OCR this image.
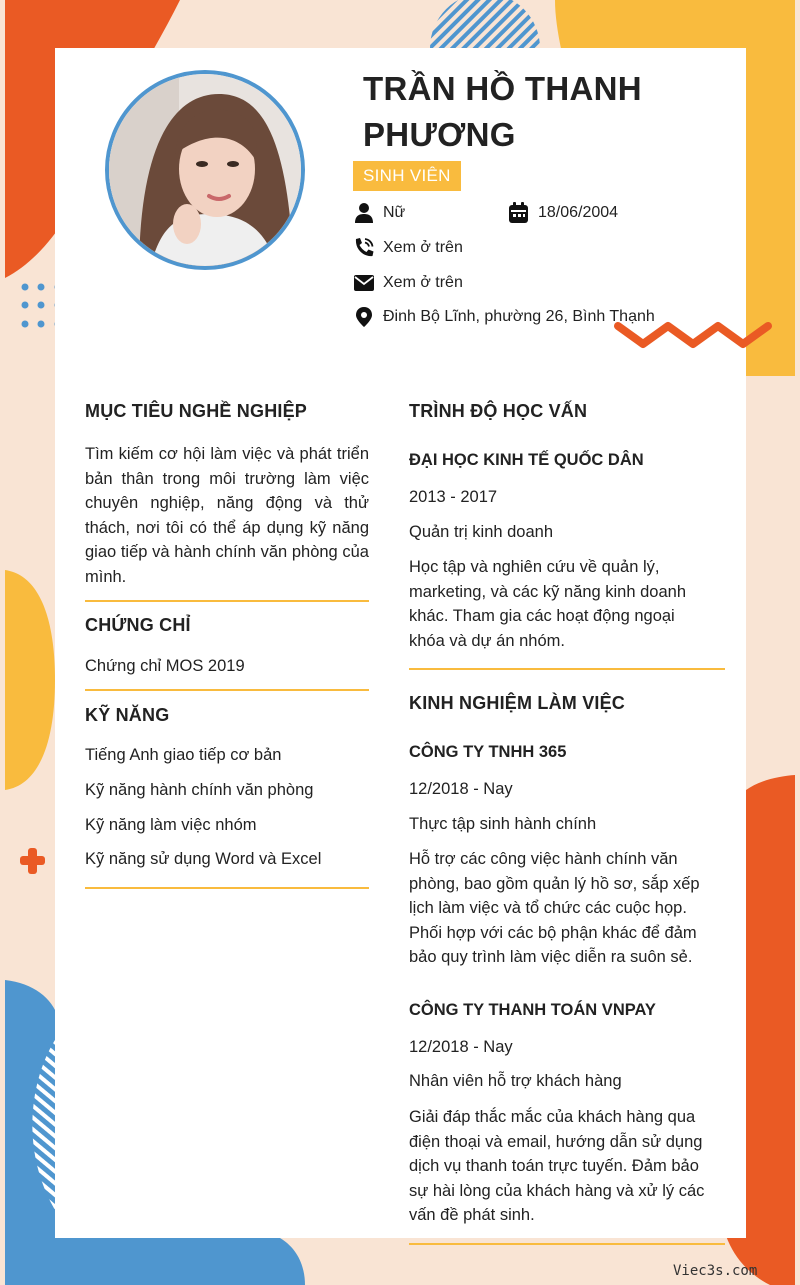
TRẦN HỒ THANH PHƯƠNG
SINH VIÊN
Nữ	18/06/2004
Xem ở trên
Xem ở trên
Đinh Bộ Lĩnh, phường 26, Bình Thạnh
MỤC TIÊU NGHỀ NGHIỆP
Tìm kiếm cơ hội làm việc và phát triển bản thân trong môi trường làm việc chuyên nghiệp, năng động và thử thách, nơi tôi có thể áp dụng kỹ năng giao tiếp và hành chính văn phòng của mình.
CHỨNG CHỈ
Chứng chỉ MOS 2019
KỸ NĂNG
Tiếng Anh giao tiếp cơ bản
Kỹ năng hành chính văn phòng
Kỹ năng làm việc nhóm
Kỹ năng sử dụng Word và Excel
TRÌNH ĐỘ HỌC VẤN
ĐẠI HỌC KINH TẾ QUỐC DÂN
2013 - 2017
Quản trị kinh doanh
Học tập và nghiên cứu về quản lý, marketing, và các kỹ năng kinh doanh khác. Tham gia các hoạt động ngoại khóa và dự án nhóm.
KINH NGHIỆM LÀM VIỆC
CÔNG TY TNHH 365
12/2018 - Nay
Thực tập sinh hành chính
Hỗ trợ các công việc hành chính văn phòng, bao gồm quản lý hồ sơ, sắp xếp lịch làm việc và tổ chức các cuộc họp. Phối hợp với các bộ phận khác để đảm bảo quy trình làm việc diễn ra suôn sẻ.
CÔNG TY THANH TOÁN VNPAY
12/2018 - Nay
Nhân viên hỗ trợ khách hàng
Giải đáp thắc mắc của khách hàng qua điện thoại và email, hướng dẫn sử dụng dịch vụ thanh toán trực tuyến. Đảm bảo sự hài lòng của khách hàng và xử lý các vấn đề phát sinh.
Viec3s.com
